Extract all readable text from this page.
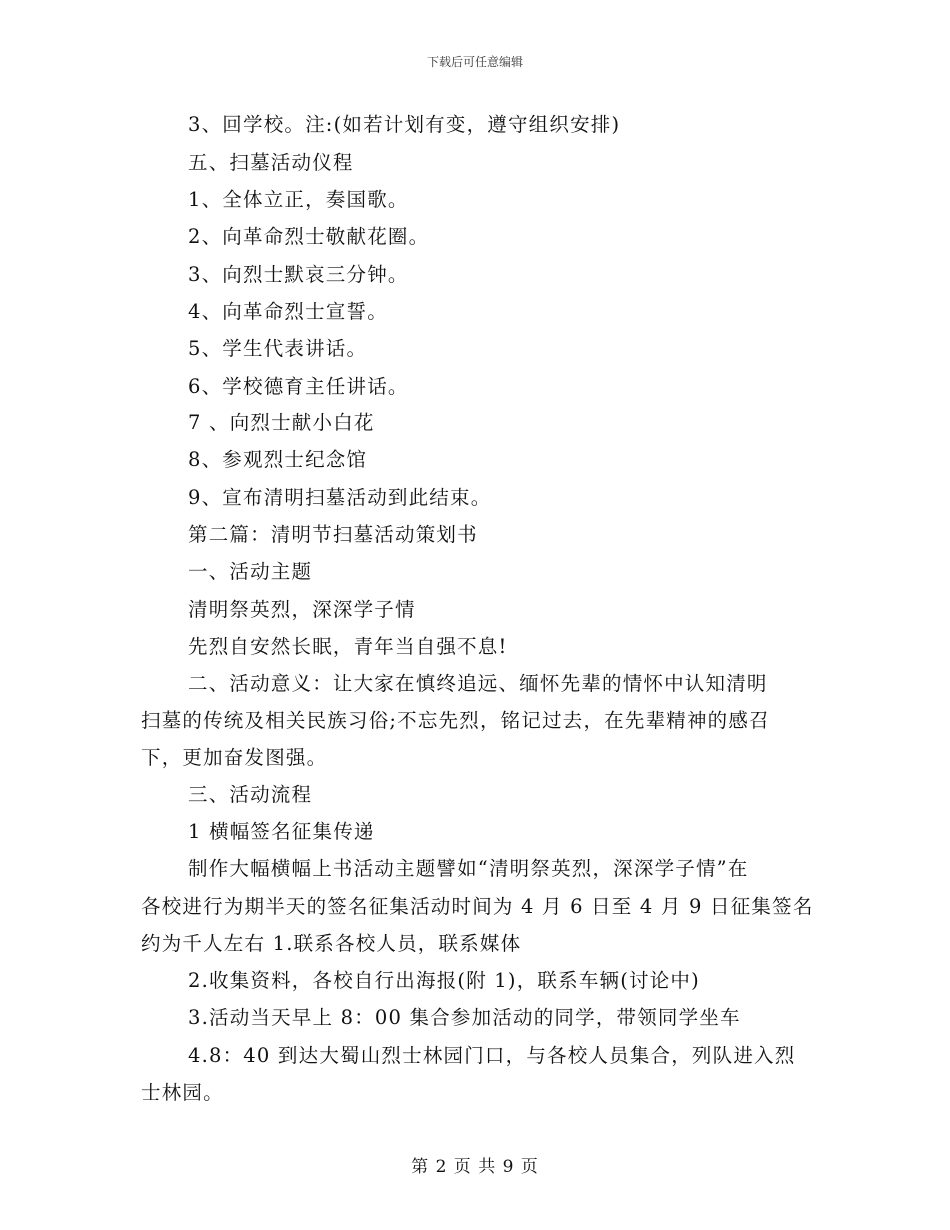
下载后可任意编辑
3、回学校。注:(如若计划有变，遵守组织安排)
五、扫墓活动仪程
1、全体立正，奏国歌。
2、向革命烈士敬献花圈。
3、向烈士默哀三分钟。
4、向革命烈士宣誓。
5、学生代表讲话。
6、学校德育主任讲话。
7 、向烈士献小白花
8、参观烈士纪念馆
9、宣布清明扫墓活动到此结束。
第二篇：清明节扫墓活动策划书
一、活动主题
清明祭英烈，深深学子情
先烈自安然长眠，青年当自强不息!
二、活动意义：让大家在慎终追远、缅怀先辈的情怀中认知清明
扫墓的传统及相关民族习俗;不忘先烈，铭记过去，在先辈精神的感召
下，更加奋发图强。
三、活动流程
1 横幅签名征集传递
制作大幅横幅上书活动主题譬如“清明祭英烈，深深学子情”在
各校进行为期半天的签名征集活动时间为 4 月 6 日至 4 月 9 日征集签名
约为千人左右 1.联系各校人员，联系媒体
2.收集资料，各校自行出海报(附 1)，联系车辆(讨论中)
3.活动当天早上 8：00 集合参加活动的同学，带领同学坐车
4.8：40 到达大蜀山烈士林园门口，与各校人员集合，列队进入烈
士林园。
第 2 页 共 9 页
